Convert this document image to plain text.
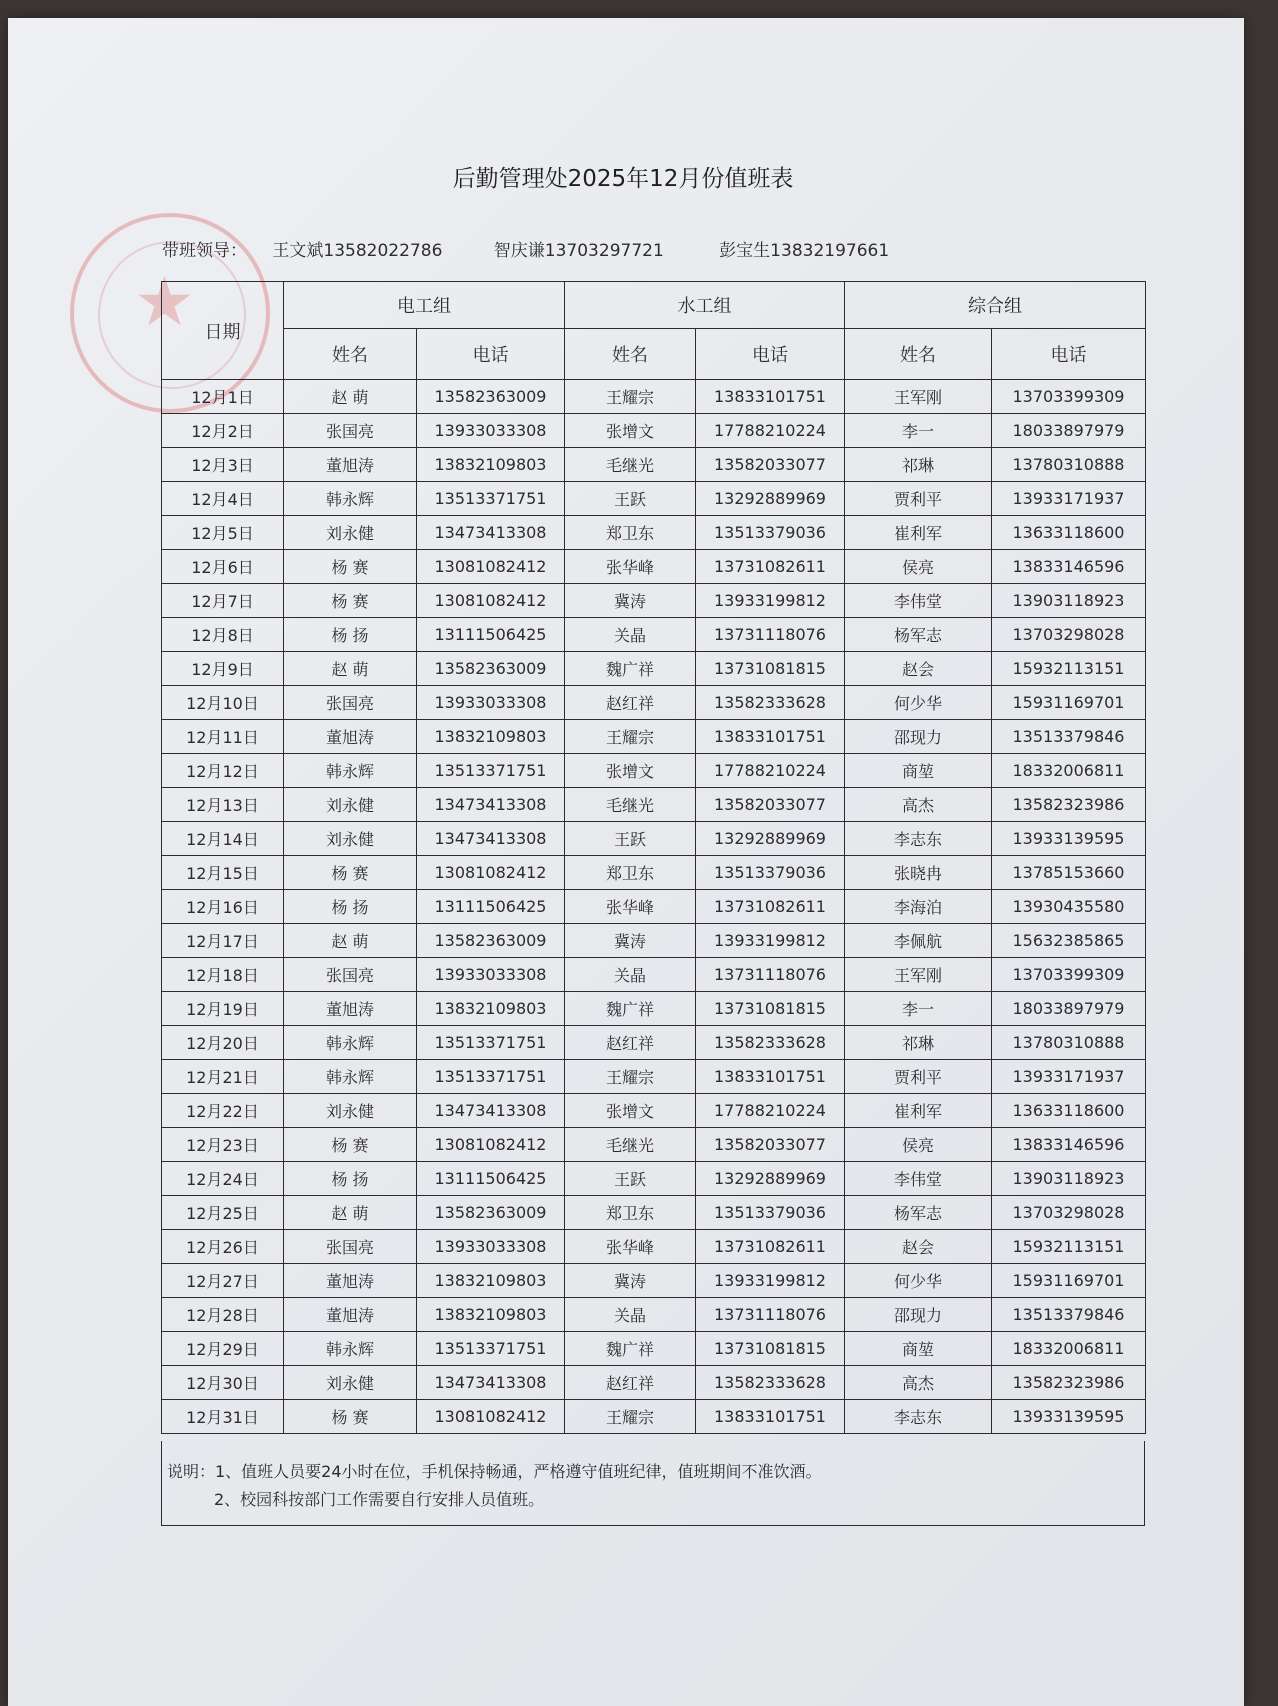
★
后勤管理处2025年12月份值班表
带班领导： 王文斌13582022786	智庆谦13703297721	彭宝生13832197661
日期	电工组		水工组		综合组	
	姓名	电话	姓名	电话	姓名	电话
12月1日	赵 萌	13582363009	王耀宗	13833101751	王军刚	13703399309
12月2日	张国亮	13933033308	张增文	17788210224	李一	18033897979
12月3日	董旭涛	13832109803	毛继光	13582033077	祁琳	13780310888
12月4日	韩永辉	13513371751	王跃	13292889969	贾利平	13933171937
12月5日	刘永健	13473413308	郑卫东	13513379036	崔利军	13633118600
12月6日	杨 赛	13081082412	张华峰	13731082611	侯亮	13833146596
12月7日	杨 赛	13081082412	冀涛	13933199812	李伟堂	13903118923
12月8日	杨 扬	13111506425	关晶	13731118076	杨军志	13703298028
12月9日	赵 萌	13582363009	魏广祥	13731081815	赵会	15932113151
12月10日	张国亮	13933033308	赵红祥	13582333628	何少华	15931169701
12月11日	董旭涛	13832109803	王耀宗	13833101751	邵现力	13513379846
12月12日	韩永辉	13513371751	张增文	17788210224	商堃	18332006811
12月13日	刘永健	13473413308	毛继光	13582033077	高杰	13582323986
12月14日	刘永健	13473413308	王跃	13292889969	李志东	13933139595
12月15日	杨 赛	13081082412	郑卫东	13513379036	张晓冉	13785153660
12月16日	杨 扬	13111506425	张华峰	13731082611	李海泊	13930435580
12月17日	赵 萌	13582363009	冀涛	13933199812	李佩航	15632385865
12月18日	张国亮	13933033308	关晶	13731118076	王军刚	13703399309
12月19日	董旭涛	13832109803	魏广祥	13731081815	李一	18033897979
12月20日	韩永辉	13513371751	赵红祥	13582333628	祁琳	13780310888
12月21日	韩永辉	13513371751	王耀宗	13833101751	贾利平	13933171937
12月22日	刘永健	13473413308	张增文	17788210224	崔利军	13633118600
12月23日	杨 赛	13081082412	毛继光	13582033077	侯亮	13833146596
12月24日	杨 扬	13111506425	王跃	13292889969	李伟堂	13903118923
12月25日	赵 萌	13582363009	郑卫东	13513379036	杨军志	13703298028
12月26日	张国亮	13933033308	张华峰	13731082611	赵会	15932113151
12月27日	董旭涛	13832109803	冀涛	13933199812	何少华	15931169701
12月28日	董旭涛	13832109803	关晶	13731118076	邵现力	13513379846
12月29日	韩永辉	13513371751	魏广祥	13731081815	商堃	18332006811
12月30日	刘永健	13473413308	赵红祥	13582333628	高杰	13582323986
12月31日	杨 赛	13081082412	王耀宗	13833101751	李志东	13933139595
说明：1、值班人员要24小时在位，手机保持畅通，严格遵守值班纪律，值班期间不准饮酒。
2、校园科按部门工作需要自行安排人员值班。
